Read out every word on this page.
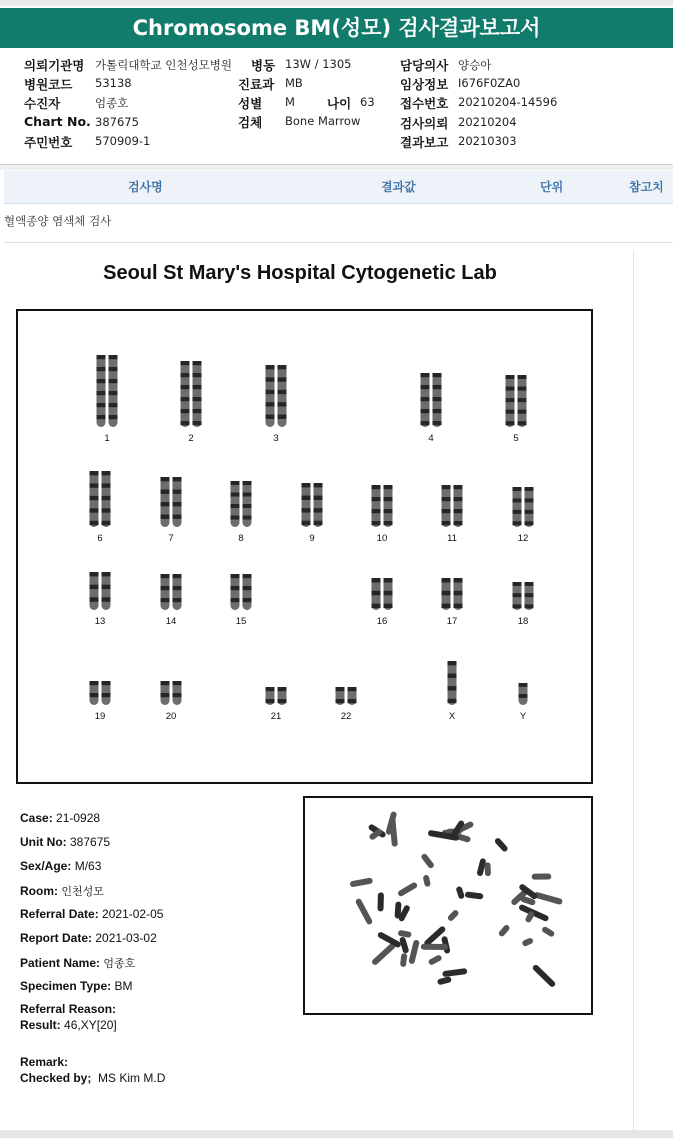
Chromosome BM(성모) 검사결과보고서
의뢰기관명 가톨릭대학교 인천성모병원
병원코드 53138
수진자	엄종호
Chart No. 387675
주민번호 570909-1
병동 13W / 1305
진료과 MB
성별 M	나이 63
검체 Bone Marrow
담당의사 양승아
임상정보 I676F0ZA0
접수번호 20210204-14596
검사의뢰 20210204
결과보고 20210303
검사명	결과값	단위	참고치
혈액종양 염색체 검사
Seoul St Mary's Hospital Cytogenetic Lab
1	2	3	4	5
6	7	8	9	10	11	12
13	14	15	16	17	18
19	20	21	22	X	Y
Case: 21-0928
Unit No: 387675
Sex/Age: M/63
Room: 인천성모
Referral Date: 2021-02-05
Report Date: 2021-03-02
Patient Name: 엄종호
Specimen Type: BM
Referral Reason:
Result: 46,XY[20]
Remark:
Checked by; MS Kim M.D
